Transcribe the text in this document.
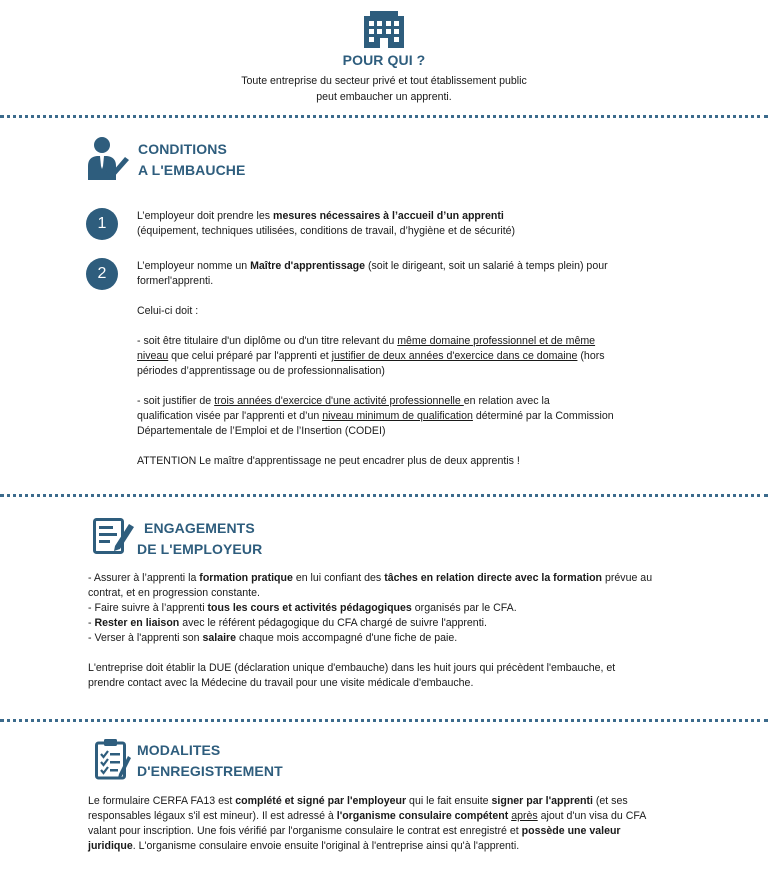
POUR QUI ?
Toute entreprise du secteur privé et tout établissement public
peut embaucher un apprenti.
CONDITIONS
A L'EMBAUCHE
1	L’employeur doit prendre les mesures nécessaires à l’accueil d’un apprenti

(équipement, techniques utilisées, conditions de travail, d’hygiène et de sécurité)

2	L’employeur nomme un Maître d'apprentissage (soit le dirigeant, soit un salarié à temps plein) pour

formerl'apprenti.

Celui-ci doit :

- soit être titulaire d'un diplôme ou d'un titre relevant du même domaine professionnel et de même

niveau que celui préparé par l'apprenti et justifier de deux années d'exercice dans ce domaine (hors

périodes d’apprentissage ou de professionnalisation)

- soit justifier de trois années d'exercice d'une activité professionnelle en relation avec la

qualification visée par l'apprenti et d’un niveau minimum de qualification déterminé par la Commission

Départementale de l’Emploi et de l’Insertion (CODEI)

ATTENTION Le maître d'apprentissage ne peut encadrer plus de deux apprentis !

ENGAGEMENTS
DE L'EMPLOYEUR

- Assurer à l’apprenti la formation pratique en lui confiant des tâches en relation directe avec la formation prévue au

contrat, et en progression constante.

- Faire suivre à l’apprenti tous les cours et activités pédagogiques organisés par le CFA.

- Rester en liaison avec le référent pédagogique du CFA chargé de suivre l'apprenti.

- Verser à l'apprenti son salaire chaque mois accompagné d'une fiche de paie.

L'entreprise doit établir la DUE (déclaration unique d'embauche) dans les huit jours qui précèdent l'embauche, et

prendre contact avec la Médecine du travail pour une visite médicale d'embauche.

MODALITES
D'ENREGISTREMENT

Le formulaire CERFA FA13 est complété et signé par l'employeur qui le fait ensuite signer par l'apprenti (et ses

responsables légaux s'il est mineur). Il est adressé à l'organisme consulaire compétent après ajout d'un visa du CFA

valant pour inscription. Une fois vérifié par l'organisme consulaire le contrat est enregistré et possède une valeur

juridique. L'organisme consulaire envoie ensuite l'original à l'entreprise ainsi qu'à l'apprenti.
